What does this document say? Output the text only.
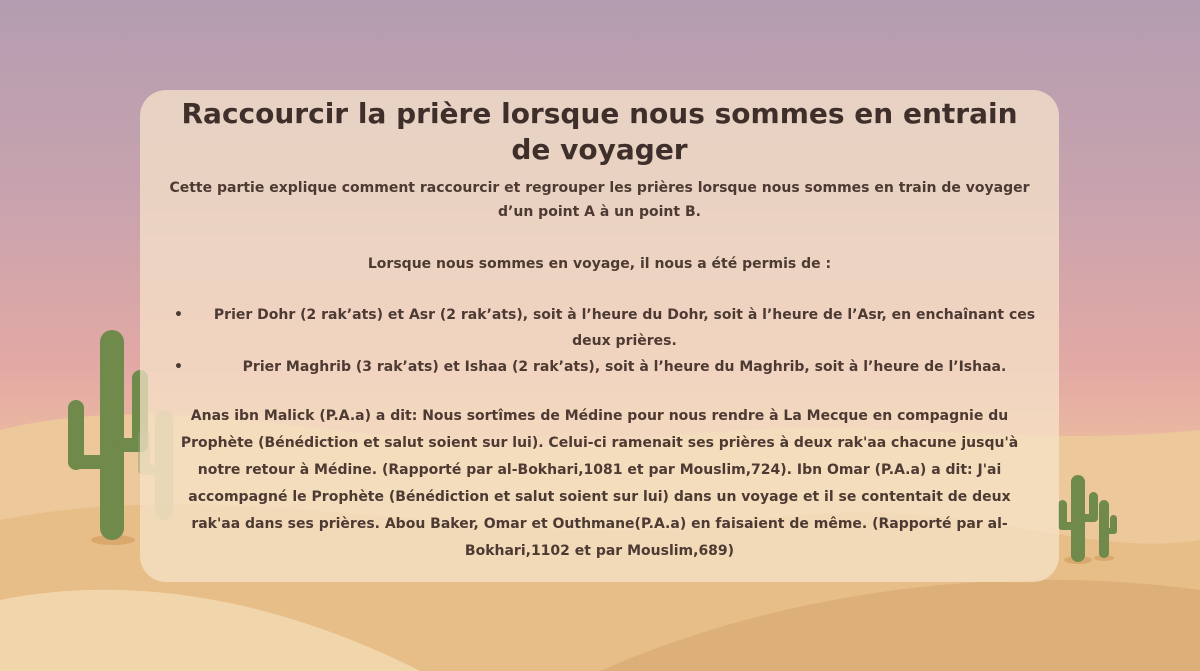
Raccourcir la prière lorsque nous sommes en entrain de voyager
Cette partie explique comment raccourcir et regrouper les prières lorsque nous sommes en train de voyager d’un point A à un point B.
Lorsque nous sommes en voyage, il nous a été permis de :
• Prier Dohr (2 rak’ats) et Asr (2 rak’ats), soit à l’heure du Dohr, soit à l’heure de l’Asr, en enchaînant ces deux prières.
•	Prier Maghrib (3 rak’ats) et Ishaa (2 rak’ats), soit à l’heure du Maghrib, soit à l’heure de l’Ishaa.
Anas ibn Malick (P.A.a) a dit: Nous sortîmes de Médine pour nous rendre à La Mecque en compagnie du Prophète (Bénédiction et salut soient sur lui). Celui-ci ramenait ses prières à deux rak'aa chacune jusqu'à notre retour à Médine. (Rapporté par al-Bokhari,1081 et par Mouslim,724). Ibn Omar (P.A.a) a dit: J'ai accompagné le Prophète (Bénédiction et salut soient sur lui) dans un voyage et il se contentait de deux rak'aa dans ses prières. Abou Baker, Omar et Outhmane(P.A.a) en faisaient de même. (Rapporté par al-Bokhari,1102 et par Mouslim,689)
